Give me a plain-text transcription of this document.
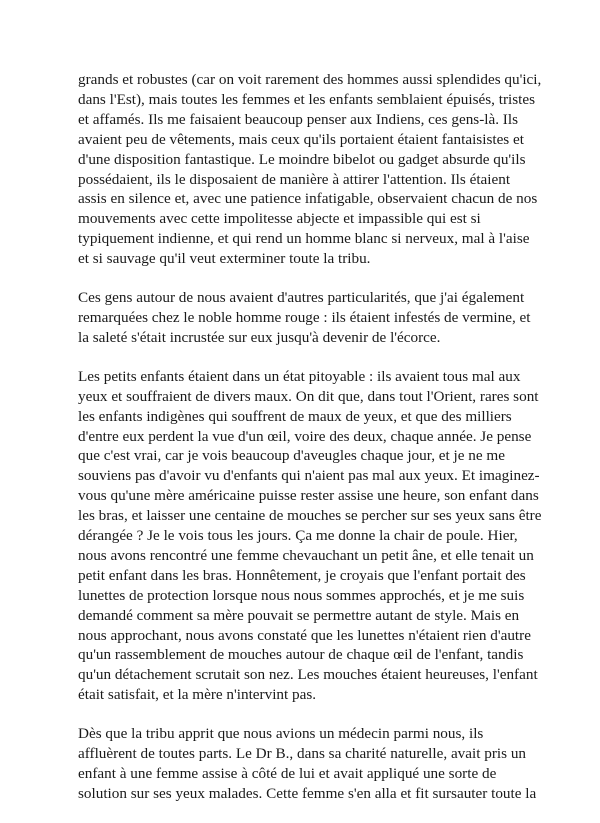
grands et robustes (car on voit rarement des hommes aussi splendides qu'ici,
dans l'Est), mais toutes les femmes et les enfants semblaient épuisés, tristes
et affamés. Ils me faisaient beaucoup penser aux Indiens, ces gens-là. Ils
avaient peu de vêtements, mais ceux qu'ils portaient étaient fantaisistes et
d'une disposition fantastique. Le moindre bibelot ou gadget absurde qu'ils
possédaient, ils le disposaient de manière à attirer l'attention. Ils étaient
assis en silence et, avec une patience infatigable, observaient chacun de nos
mouvements avec cette impolitesse abjecte et impassible qui est si
typiquement indienne, et qui rend un homme blanc si nerveux, mal à l'aise
et si sauvage qu'il veut exterminer toute la tribu.

Ces gens autour de nous avaient d'autres particularités, que j'ai également
remarquées chez le noble homme rouge : ils étaient infestés de vermine, et
la saleté s'était incrustée sur eux jusqu'à devenir de l'écorce.

Les petits enfants étaient dans un état pitoyable : ils avaient tous mal aux
yeux et souffraient de divers maux. On dit que, dans tout l'Orient, rares sont
les enfants indigènes qui souffrent de maux de yeux, et que des milliers
d'entre eux perdent la vue d'un œil, voire des deux, chaque année. Je pense
que c'est vrai, car je vois beaucoup d'aveugles chaque jour, et je ne me
souviens pas d'avoir vu d'enfants qui n'aient pas mal aux yeux. Et imaginez-
vous qu'une mère américaine puisse rester assise une heure, son enfant dans
les bras, et laisser une centaine de mouches se percher sur ses yeux sans être
dérangée ? Je le vois tous les jours. Ça me donne la chair de poule. Hier,
nous avons rencontré une femme chevauchant un petit âne, et elle tenait un
petit enfant dans les bras. Honnêtement, je croyais que l'enfant portait des
lunettes de protection lorsque nous nous sommes approchés, et je me suis
demandé comment sa mère pouvait se permettre autant de style. Mais en
nous approchant, nous avons constaté que les lunettes n'étaient rien d'autre
qu'un rassemblement de mouches autour de chaque œil de l'enfant, tandis
qu'un détachement scrutait son nez. Les mouches étaient heureuses, l'enfant
était satisfait, et la mère n'intervint pas.

Dès que la tribu apprit que nous avions un médecin parmi nous, ils
affluèrent de toutes parts. Le Dr B., dans sa charité naturelle, avait pris un
enfant à une femme assise à côté de lui et avait appliqué une sorte de
solution sur ses yeux malades. Cette femme s'en alla et fit sursauter toute la
